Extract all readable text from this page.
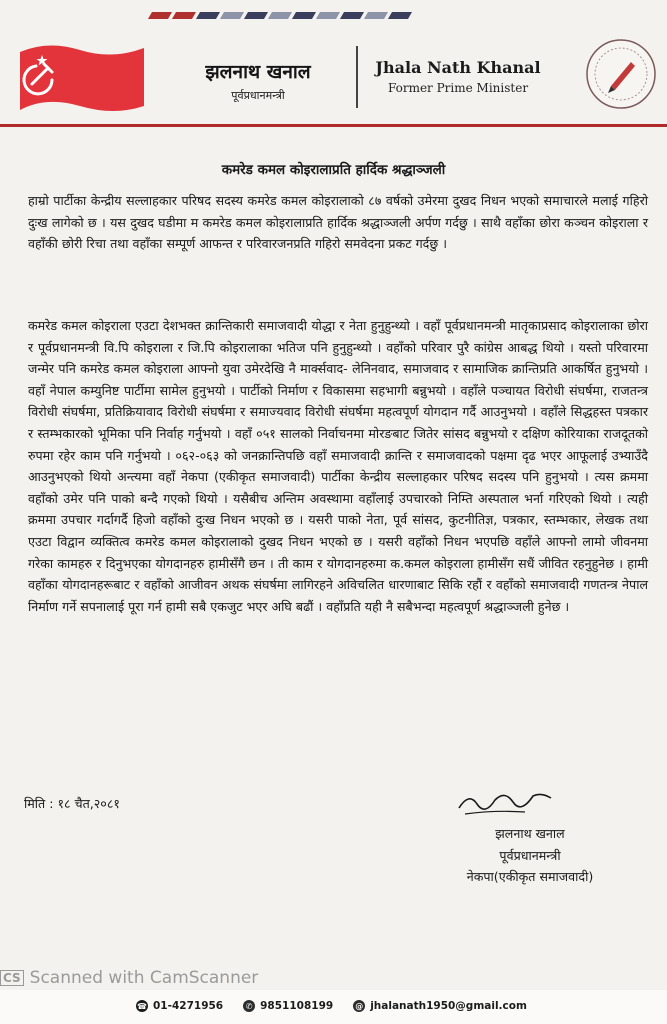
झलनाथ खनाल
पूर्वप्रधानमन्त्री
Jhala Nath Khanal
Former Prime Minister
कमरेड कमल कोइरालाप्रति हार्दिक श्रद्धाञ्जली
हाम्रो पार्टीका केन्द्रीय सल्लाहकार परिषद सदस्य कमरेड कमल कोइरालाको ८७ वर्षको उमेरमा दुखद निधन भएको समाचारले मलाई गहिरो दुःख लागेको छ । यस दुखद घडीमा म कमरेड कमल कोइरालाप्रति हार्दिक श्रद्धाञ्जली अर्पण गर्दछु । साथै वहाँका छोरा कञ्चन कोइराला र वहाँकी छोरी रिचा तथा वहाँका सम्पूर्ण आफन्त र परिवारजनप्रति गहिरो समवेदना प्रकट गर्दछु ।
कमरेड कमल कोइराला एउटा देशभक्त क्रान्तिकारी समाजवादी योद्धा र नेता हुनुहुन्थ्यो । वहाँ पूर्वप्रधानमन्त्री मातृकाप्रसाद कोइरालाका छोरा र पूर्वप्रधानमन्त्री वि.पि कोइराला र जि.पि कोइरालाका भतिज पनि हुनुहुन्थ्यो । वहाँको परिवार पुरै कांग्रेस आबद्ध थियो । यस्तो परिवारमा जन्मेर पनि कमरेड कमल कोइराला आफ्नो युवा उमेरदेखि नै मार्क्सवाद- लेनिनवाद, समाजवाद र सामाजिक क्रान्तिप्रति आकर्षित हुनुभयो । वहाँ नेपाल कम्युनिष्ट पार्टीमा सामेल हुनुभयो । पार्टीको निर्माण र विकासमा सहभागी बन्नुभयो । वहाँले पञ्चायत विरोधी संघर्षमा, राजतन्त्र विरोधी संघर्षमा, प्रतिक्रियावाद विरोधी संघर्षमा र समाज्यवाद विरोधी संघर्षमा महत्वपूर्ण योगदान गर्दै आउनुभयो । वहाँले सिद्धहस्त पत्रकार र स्तम्भकारको भूमिका पनि निर्वाह गर्नुभयो । वहाँ ०५१ सालको निर्वाचनमा मोरङबाट जितेर सांसद बन्नुभयो र दक्षिण कोरियाका राजदूतको रुपमा रहेर काम पनि गर्नुभयो । ०६२-०६३ को जनक्रान्तिपछि वहाँ समाजवादी क्रान्ति र समाजवादको पक्षमा दृढ भएर आफूलाई उभ्याउँदै आउनुभएको थियो अन्त्यमा वहाँ नेकपा (एकीकृत समाजवादी) पार्टीका केन्द्रीय सल्लाहकार परिषद सदस्य पनि हुनुभयो । त्यस क्रममा वहाँको उमेर पनि पाको बन्दै गएको थियो । यसैबीच अन्तिम अवस्थामा वहाँलाई उपचारको निम्ति अस्पताल भर्ना गरिएको थियो । त्यही क्रममा उपचार गर्दागर्दै हिजो वहाँको दुःख निधन भएको छ । यसरी पाको नेता, पूर्व सांसद, कुटनीतिज्ञ, पत्रकार, स्तम्भकार, लेखक तथा एउटा विद्वान व्यक्तित्व कमरेड कमल कोइरालाको दुखद निधन भएको छ । यसरी वहाँको निधन भएपछि वहाँले आफ्नो लामो जीवनमा गरेका कामहरु र दिनुभएका योगदानहरु हामीसँगै छन । ती काम र योगदानहरुमा क.कमल कोइराला हामीसँग सधैं जीवित रहनुहुनेछ । हामी वहाँका योगदानहरूबाट र वहाँको आजीवन अथक संघर्षमा लागिरहने अविचलित धारणाबाट सिकि रहौं र वहाँको समाजवादी गणतन्त्र नेपाल निर्माण गर्ने सपनालाई पूरा गर्न हामी सबै एकजुट भएर अघि बढौं । वहाँप्रति यही नै सबैभन्दा महत्वपूर्ण श्रद्धाञ्जली हुनेछ ।
मिति : १८ चैत,२०८१
झलनाथ खनाल
पूर्वप्रधानमन्त्री
नेकपा(एकीकृत समाजवादी)
CS Scanned with CamScanner
☎ 01-4271956	✆ 9851108199	@ jhalanath1950@gmail.com
